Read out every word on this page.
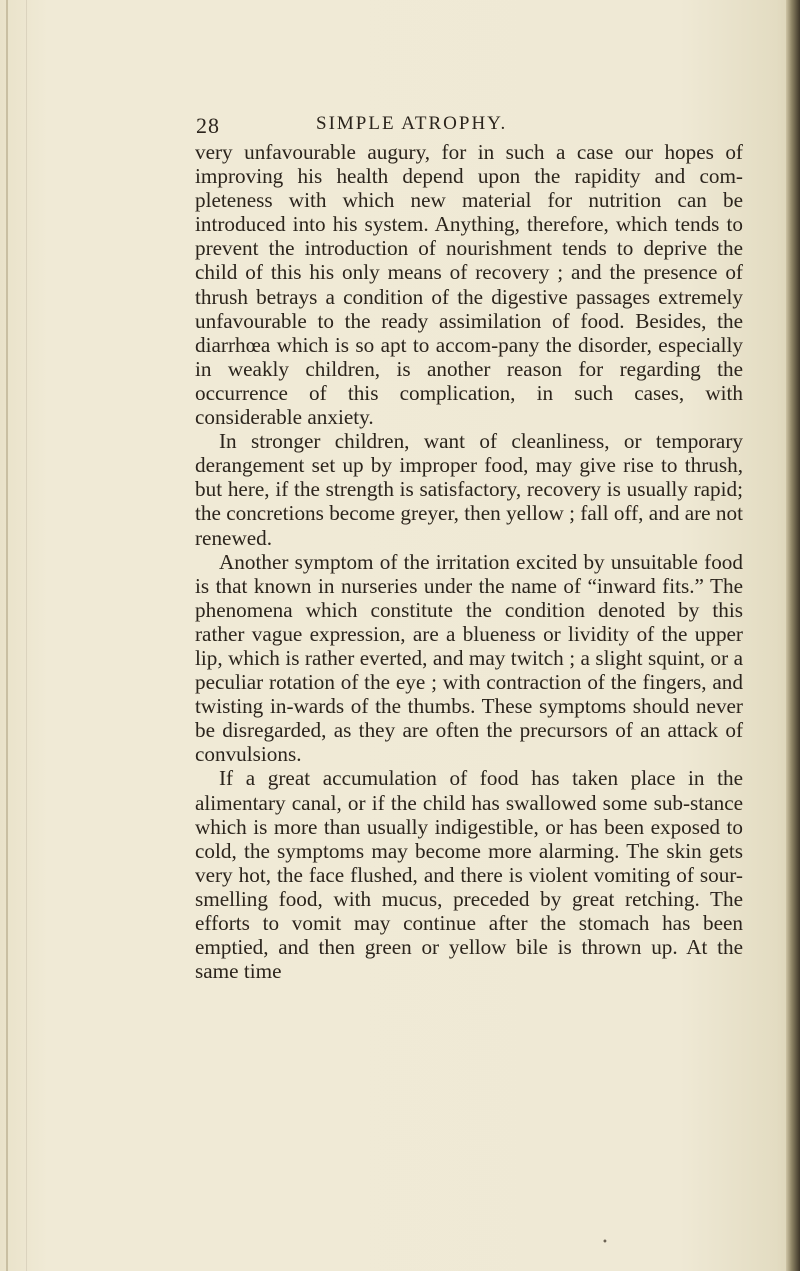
28	SIMPLE ATROPHY.

very unfavourable augury, for in such a case our hopes of improving his health depend upon the rapidity and com-pleteness with which new material for nutrition can be introduced into his system. Anything, therefore, which tends to prevent the introduction of nourishment tends to deprive the child of this his only means of recovery ; and the presence of thrush betrays a condition of the digestive passages extremely unfavourable to the ready assimilation of food. Besides, the diarrhœa which is so apt to accom-pany the disorder, especially in weakly children, is another reason for regarding the occurrence of this complication, in such cases, with considerable anxiety.

In stronger children, want of cleanliness, or temporary derangement set up by improper food, may give rise to thrush, but here, if the strength is satisfactory, recovery is usually rapid; the concretions become greyer, then yellow ; fall off, and are not renewed.

Another symptom of the irritation excited by unsuitable food is that known in nurseries under the name of “inward fits.” The phenomena which constitute the condition denoted by this rather vague expression, are a blueness or lividity of the upper lip, which is rather everted, and may twitch ; a slight squint, or a peculiar rotation of the eye ; with contraction of the fingers, and twisting in-wards of the thumbs. These symptoms should never be disregarded, as they are often the precursors of an attack of convulsions.

If a great accumulation of food has taken place in the alimentary canal, or if the child has swallowed some sub-stance which is more than usually indigestible, or has been exposed to cold, the symptoms may become more alarming. The skin gets very hot, the face flushed, and there is violent vomiting of sour-smelling food, with mucus, preceded by great retching. The efforts to vomit may continue after the stomach has been emptied, and then green or yellow bile is thrown up. At the same time

•
